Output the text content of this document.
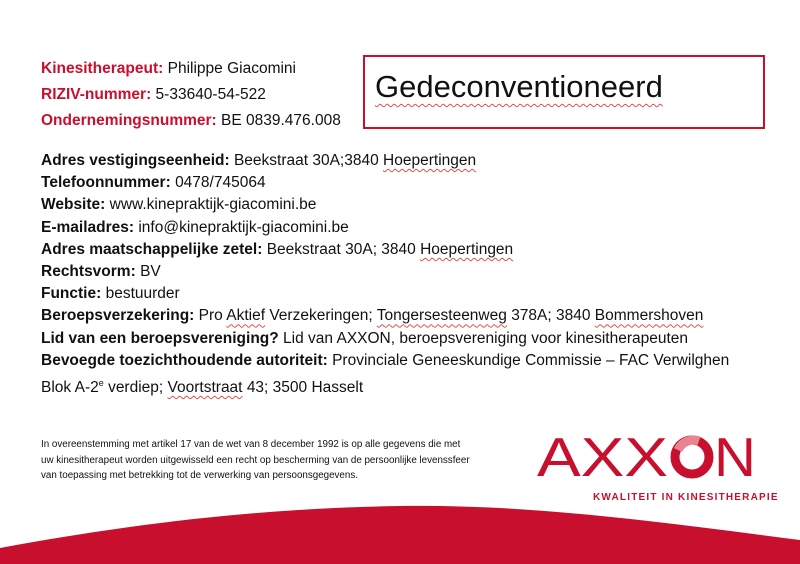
Kinesitherapeut: Philippe Giacomini
RIZIV-nummer: 5-33640-54-522
Ondernemingsnummer: BE 0839.476.008
Gedeconventioneerd
Adres vestigingseenheid: Beekstraat 30A;3840 Hoepertingen
Telefoonnummer: 0478/745064
Website: www.kinepraktijk-giacomini.be
E-mailadres: info@kinepraktijk-giacomini.be
Adres maatschappelijke zetel: Beekstraat 30A; 3840 Hoepertingen
Rechtsvorm: BV
Functie: bestuurder
Beroepsverzekering: Pro Aktief Verzekeringen; Tongersesteenweg 378A; 3840 Bommershoven
Lid van een beroepsvereniging? Lid van AXXON, beroepsvereniging voor kinesitherapeuten
Bevoegde toezichthoudende autoriteit: Provinciale Geneeskundige Commissie – FAC Verwilghen
Blok A-2e verdiep; Voortstraat 43; 3500 Hasselt
In overeenstemming met artikel 17 van de wet van 8 december 1992 is op alle gegevens die met
uw kinesitherapeut worden uitgewisseld een recht op bescherming van de persoonlijke levenssfeer
van toepassing met betrekking tot de verwerking van persoonsgegevens.	AXX N
KWALITEIT IN KINESITHERAPIE
